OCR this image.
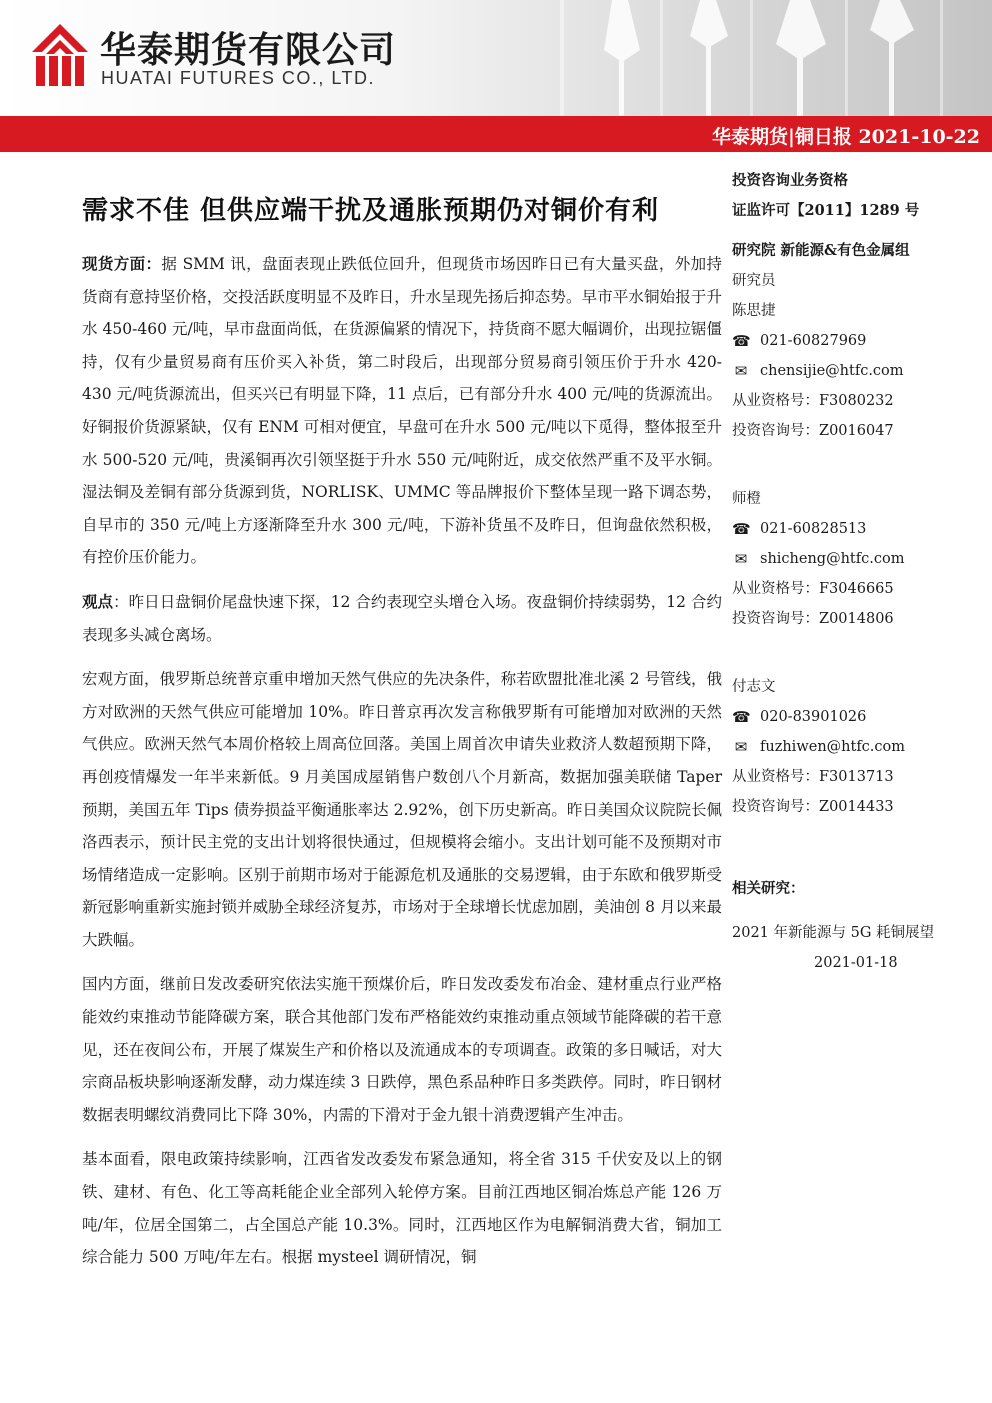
华泰期货有限公司
HUATAI FUTURES CO., LTD.
华泰期货|铜日报 2021-10-22
需求不佳 但供应端干扰及通胀预期仍对铜价有利

现货方面：据 SMM 讯，盘面表现止跌低位回升，但现货市场因昨日已有大量买盘，外加持货商有意持坚价格，交投活跃度明显不及昨日，升水呈现先扬后抑态势。早市平水铜始报于升水 450-460 元/吨，早市盘面尚低，在货源偏紧的情况下，持货商不愿大幅调价，出现拉锯僵持，仅有少量贸易商有压价买入补货，第二时段后，出现部分贸易商引领压价于升水 420-430 元/吨货源流出，但买兴已有明显下降，11 点后，已有部分升水 400 元/吨的货源流出。好铜报价货源紧缺，仅有 ENM 可相对便宜，早盘可在升水 500 元/吨以下觅得，整体报至升水 500-520 元/吨，贵溪铜再次引领坚挺于升水 550 元/吨附近，成交依然严重不及平水铜。湿法铜及差铜有部分货源到货，NORLISK、UMMC 等品牌报价下整体呈现一路下调态势，自早市的 350 元/吨上方逐渐降至升水 300 元/吨，下游补货虽不及昨日，但询盘依然积极，有控价压价能力。

观点：昨日日盘铜价尾盘快速下探，12 合约表现空头增仓入场。夜盘铜价持续弱势，12 合约表现多头减仓离场。

宏观方面，俄罗斯总统普京重申增加天然气供应的先决条件，称若欧盟批准北溪 2 号管线，俄方对欧洲的天然气供应可能增加 10%。昨日普京再次发言称俄罗斯有可能增加对欧洲的天然气供应。欧洲天然气本周价格较上周高位回落。美国上周首次申请失业救济人数超预期下降，再创疫情爆发一年半来新低。9 月美国成屋销售户数创八个月新高，数据加强美联储 Taper 预期，美国五年 Tips 债券损益平衡通胀率达 2.92%，创下历史新高。昨日美国众议院院长佩洛西表示，预计民主党的支出计划将很快通过，但规模将会缩小。支出计划可能不及预期对市场情绪造成一定影响。区别于前期市场对于能源危机及通胀的交易逻辑，由于东欧和俄罗斯受新冠影响重新实施封锁并威胁全球经济复苏，市场对于全球增长忧虑加剧，美油创 8 月以来最大跌幅。

国内方面，继前日发改委研究依法实施干预煤价后，昨日发改委发布冶金、建材重点行业严格能效约束推动节能降碳方案，联合其他部门发布严格能效约束推动重点领域节能降碳的若干意见，还在夜间公布，开展了煤炭生产和价格以及流通成本的专项调查。政策的多日喊话，对大宗商品板块影响逐渐发酵，动力煤连续 3 日跌停，黑色系品种昨日多类跌停。同时，昨日钢材数据表明螺纹消费同比下降 30%，内需的下滑对于金九银十消费逻辑产生冲击。

基本面看，限电政策持续影响，江西省发改委发布紧急通知，将全省 315 千伏安及以上的钢铁、建材、有色、化工等高耗能企业全部列入轮停方案。目前江西地区铜冶炼总产能 126 万吨/年，位居全国第二，占全国总产能 10.3%。同时，江西地区作为电解铜消费大省，铜加工综合能力 500 万吨/年左右。根据 mysteel 调研情况，铜

投资咨询业务资格
证监许可【2011】1289 号
研究院 新能源&有色金属组
研究员
陈思捷
☎ 021-60827969
✉ chensijie@htfc.com
从业资格号：F3080232
投资咨询号：Z0016047
师橙
☎ 021-60828513
✉ shicheng@htfc.com
从业资格号：F3046665
投资咨询号：Z0014806
付志文
☎ 020-83901026
✉ fuzhiwen@htfc.com
从业资格号：F3013713
投资咨询号：Z0014433
相关研究：
2021 年新能源与 5G 耗铜展望
2021-01-18
